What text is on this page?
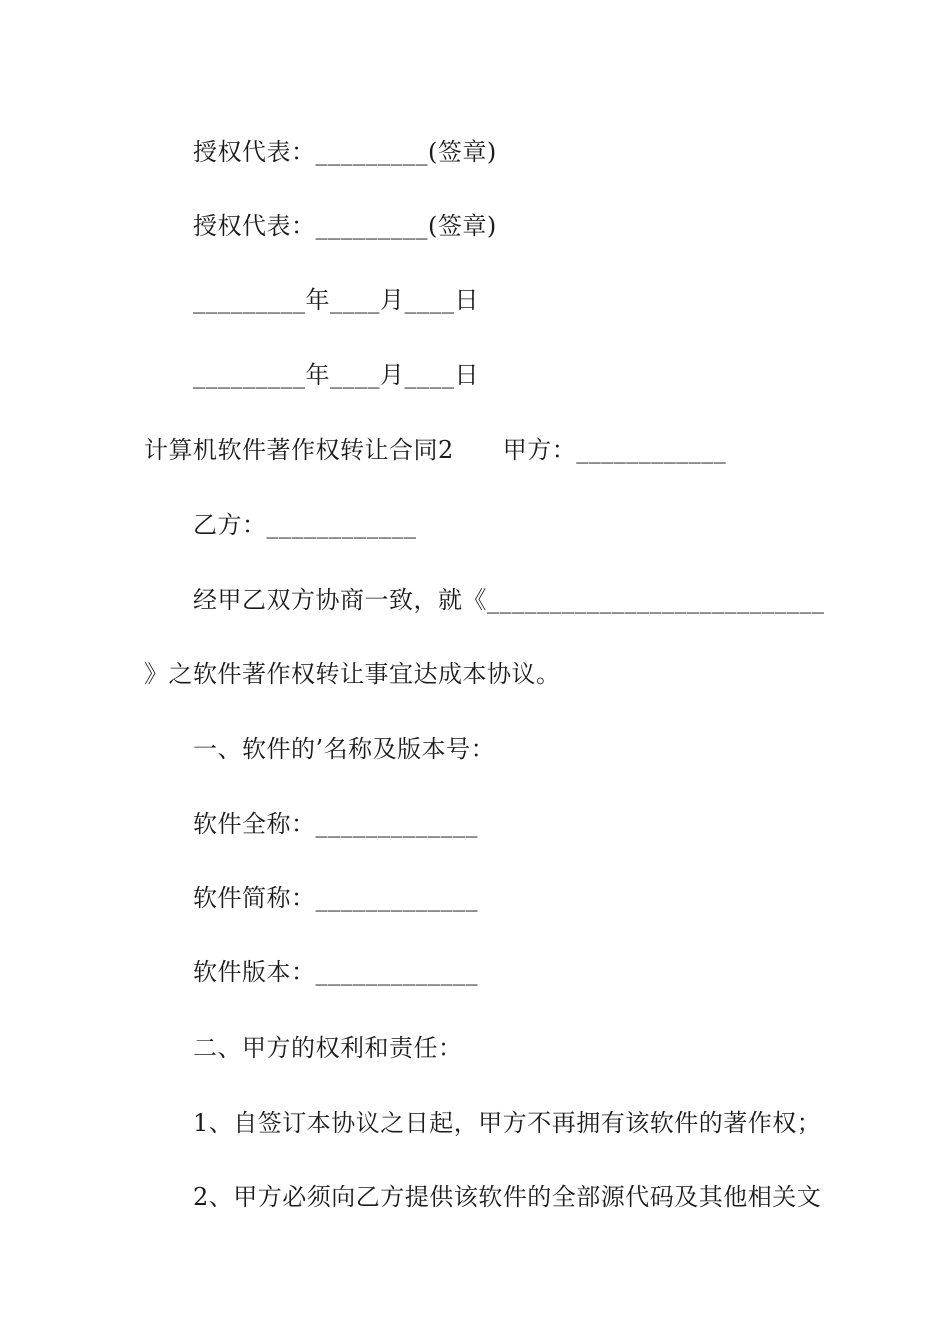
授权代表：_________(签章)
授权代表：_________(签章)
_________年____月____日
_________年____月____日
计算机软件著作权转让合同2　　甲方：____________
乙方：____________
经甲乙双方协商一致，就《___________________________
》之软件著作权转让事宜达成本协议。
一、软件的’名称及版本号：
软件全称：_____________
软件简称：_____________
软件版本：_____________
二、甲方的权利和责任：
1、自签订本协议之日起，甲方不再拥有该软件的著作权；
2、甲方必须向乙方提供该软件的全部源代码及其他相关文
